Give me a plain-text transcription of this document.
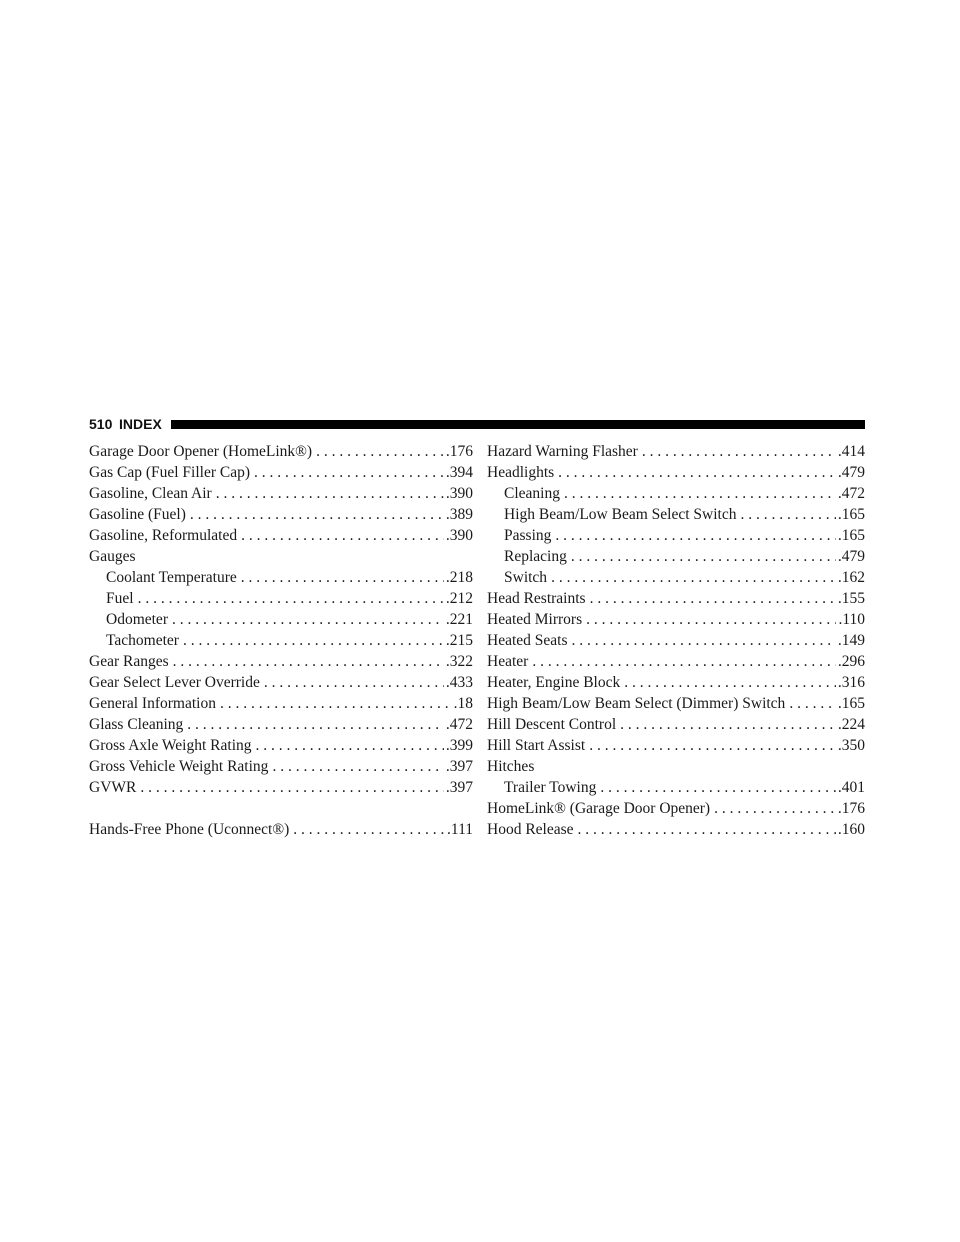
510 INDEX
Garage Door Opener (HomeLink®) . . .	.176
Gas Cap (Fuel Filler Cap) . . .	.394
Gasoline, Clean Air . . .	.390
Gasoline (Fuel) . . .	.389
Gasoline, Reformulated . . .	.390
Gauges
Coolant Temperature . . .	.218
Fuel . . .	.212
Odometer . . .	.221
Tachometer . . .	.215
Gear Ranges . . .	.322
Gear Select Lever Override . . .	.433
General Information . . .	.18
Glass Cleaning . . .	.472
Gross Axle Weight Rating . . .	.399
Gross Vehicle Weight Rating . . .	.397
GVWR . . .	.397
Hands-Free Phone (Uconnect®) . . .	.111
Hazard Warning Flasher . . .	.414
Headlights . . .	.479
Cleaning . . .	.472
High Beam/Low Beam Select Switch . . .	.165
Passing . . .	.165
Replacing . . .	.479
Switch . . .	.162
Head Restraints . . .	.155
Heated Mirrors . . .	.110
Heated Seats . . .	.149
Heater . . .	.296
Heater, Engine Block . . .	.316
High Beam/Low Beam Select (Dimmer) Switch . . .	.165
Hill Descent Control . . .	.224
Hill Start Assist . . .	.350
Hitches
Trailer Towing . . .	.401
HomeLink® (Garage Door Opener) . . .	.176
Hood Release . . .	.160
